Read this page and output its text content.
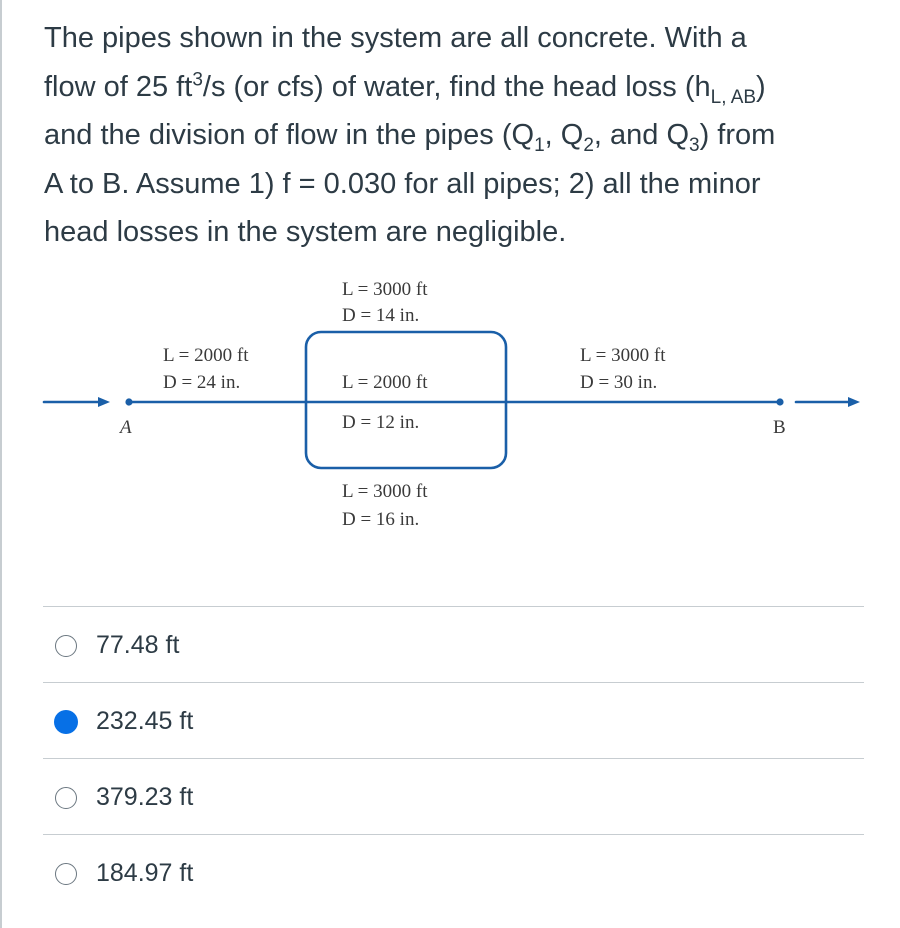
The pipes shown in the system are all concrete. With a
flow of 25 $ft^3/s$ (or cfs) of water, find the head loss $(h_{L, AB})$
and the division of flow in the pipes ($Q_1$, $Q_2$, and $Q_3$) from
A to B. Assume 1) f = 0.030 for all pipes; 2) all the minor
head losses in the system are negligible.
A	B
L = 3000 ft
D = 14 in.
L = 2000 ft
D = 24 in.	L = 2000 ft
D = 12 in.
L = 3000 ft
D = 30 in.
L = 3000 ft
D = 16 in.
77.48 ft
232.45 ft
379.23 ft
184.97 ft
